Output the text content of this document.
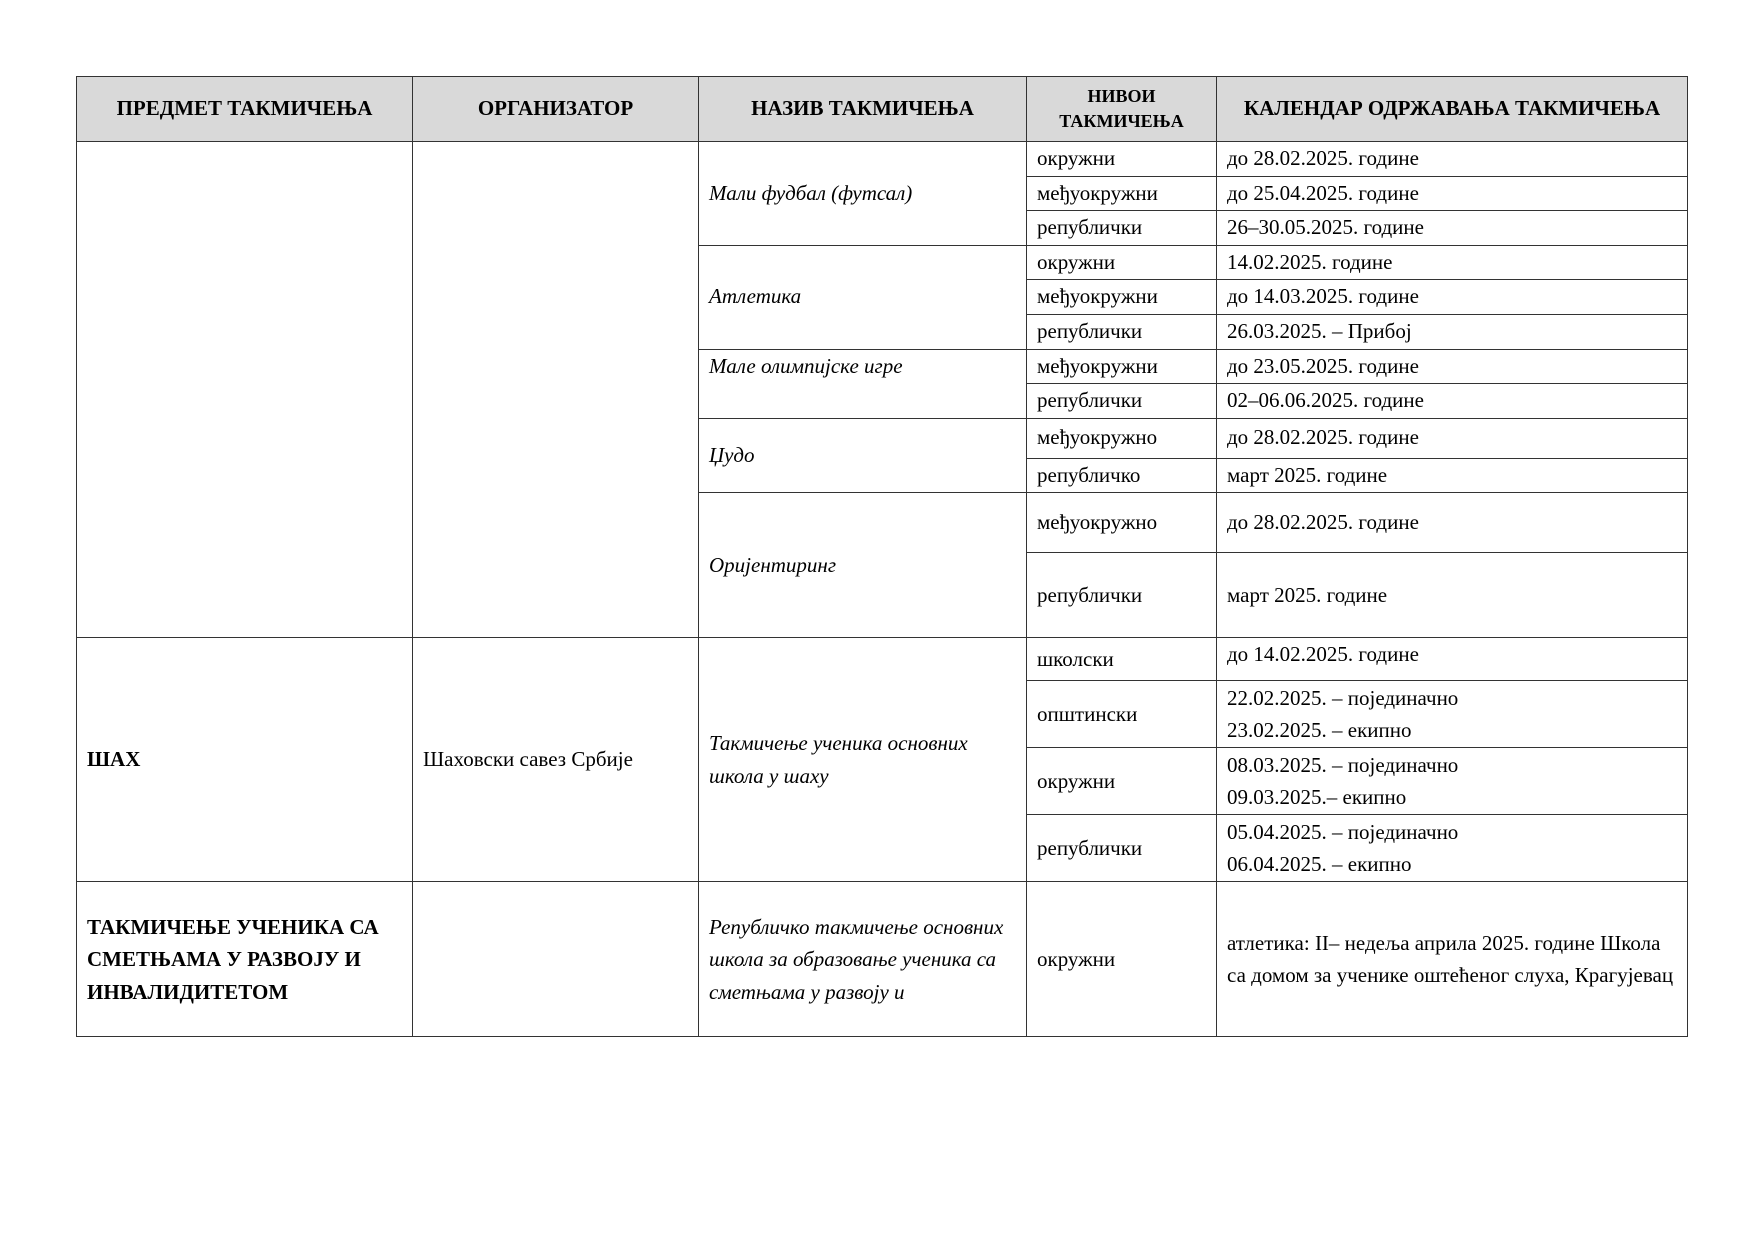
ПРЕДМЕТ ТАКМИЧЕЊА	ОРГАНИЗАТОР	НАЗИВ ТАКМИЧЕЊА	НИВОИ ТАКМИЧЕЊА	КАЛЕНДАР ОДРЖАВАЊА ТАКМИЧЕЊА
		Мали фудбал (футсал)	окружни	до 28.02.2025. године
			међуокружни	до 25.04.2025. године
			републички	26–30.05.2025. године
		Атлетика	окружни	14.02.2025. године
			међуокружни	до 14.03.2025. године
			републички	26.03.2025. – Прибој
		Мале олимпијске игре	међуокружни	до 23.05.2025. године
			републички	02–06.06.2025. године
		Џудо	међуокружно	до 28.02.2025. године
			републичко	март 2025. године
		Оријентиринг	међуокружно	до 28.02.2025. године
			републички	март 2025. године

ШАХ	Шаховски савез Србије	Такмичење ученика основних школа у шаху	школски	до 14.02.2025. године

			општински	22.02.2025. – појединачно
23.02.2025. – екипно

			окружни	08.03.2025. – појединачно
09.03.2025.– екипно

			републички	05.04.2025. – појединачно
06.04.2025. – екипно

ТАКМИЧЕЊЕ УЧЕНИКА СА СМЕТЊАМА У РАЗВОЈУ И ИНВАЛИДИТЕТОМ		Републичко такмичење основних школа за образовање ученика са сметњама у развоју и	окружни	атлетика: II– недеља априла 2025. године Школа са домом за ученике оштећеног слуха, Крагујевац
